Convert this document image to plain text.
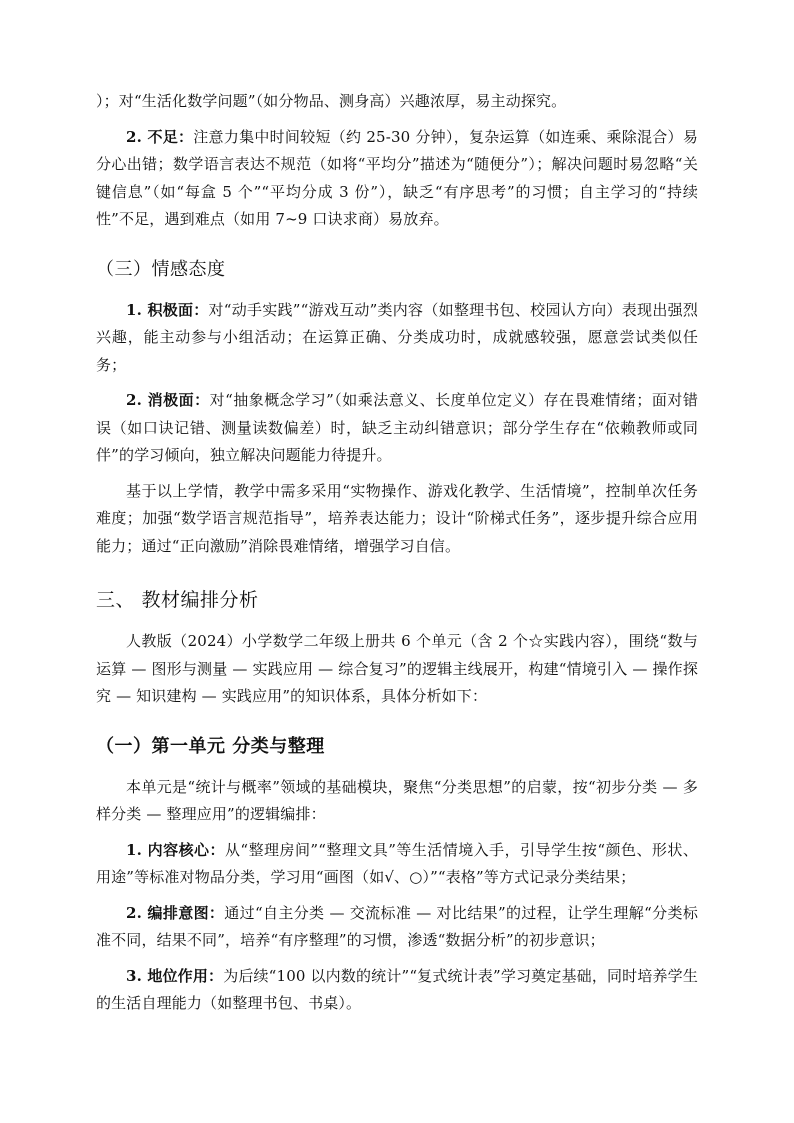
）；对“生活化数学问题”（如分物品、测身高）兴趣浓厚，易主动探究。

2. 不足：注意力集中时间较短（约 25-30 分钟），复杂运算（如连乘、乘除混合）易分心出错；数学语言表达不规范（如将“平均分”描述为“随便分”）；解决问题时易忽略“关键信息”（如“每盒 5 个”“平均分成 3 份”），缺乏“有序思考”的习惯；自主学习的“持续性”不足，遇到难点（如用 7~9 口诀求商）易放弃。

（三）情感态度

1. 积极面：对“动手实践”“游戏互动”类内容（如整理书包、校园认方向）表现出强烈兴趣，能主动参与小组活动；在运算正确、分类成功时，成就感较强，愿意尝试类似任务；

2. 消极面：对“抽象概念学习”（如乘法意义、长度单位定义）存在畏难情绪；面对错误（如口诀记错、测量读数偏差）时，缺乏主动纠错意识；部分学生存在“依赖教师或同伴”的学习倾向，独立解决问题能力待提升。

基于以上学情，教学中需多采用“实物操作、游戏化教学、生活情境”，控制单次任务难度；加强“数学语言规范指导”，培养表达能力；设计“阶梯式任务”，逐步提升综合应用能力；通过“正向激励”消除畏难情绪，增强学习自信。

三、 教材编排分析

人教版（2024）小学数学二年级上册共 6 个单元（含 2 个☆实践内容），围绕“数与运算 — 图形与测量 — 实践应用 — 综合复习”的逻辑主线展开，构建“情境引入 — 操作探究 — 知识建构 — 实践应用”的知识体系，具体分析如下：

（一）第一单元 分类与整理

本单元是“统计与概率”领域的基础模块，聚焦“分类思想”的启蒙，按“初步分类 — 多样分类 — 整理应用”的逻辑编排：

1. 内容核心：从“整理房间”“整理文具”等生活情境入手，引导学生按“颜色、形状、用途”等标准对物品分类，学习用“画图（如√、○）”“表格”等方式记录分类结果；

2. 编排意图：通过“自主分类 — 交流标准 — 对比结果”的过程，让学生理解“分类标准不同，结果不同”，培养“有序整理”的习惯，渗透“数据分析”的初步意识；

3. 地位作用：为后续“100 以内数的统计”“复式统计表”学习奠定基础，同时培养学生的生活自理能力（如整理书包、书桌）。
